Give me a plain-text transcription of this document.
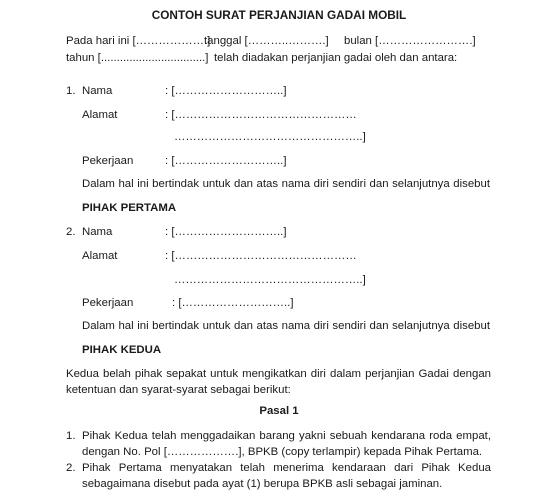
CONTOH SURAT PERJANJIAN GADAI MOBIL
Pada hari ini [……………….]
tanggal [………..……….] bulan […………………….]
tahun [.................................] telah diadakan perjanjian gadai oleh dan antara:
1. Nama	: [………………………..]
Alamat	: […………………………………………
…………………………………………..]
Pekerjaan	: [………………………..]
Dalam hal ini bertindak untuk dan atas nama diri sendiri dan selanjutnya disebut
PIHAK PERTAMA
2. Nama	: [………………………..]
Alamat	: […………………………………………
…………………………………………..]
Pekerjaan	: [………………………..]
Dalam hal ini bertindak untuk dan atas nama diri sendiri dan selanjutnya disebut
PIHAK KEDUA
Kedua belah pihak sepakat untuk mengikatkan diri dalam perjanjian Gadai dengan
ketentuan dan syarat-syarat sebagai berikut:
Pasal 1
1. Pihak Kedua telah menggadaikan barang yakni sebuah kendarana roda empat,
dengan No. Pol [……………….], BPKB (copy terlampir) kepada Pihak Pertama.
2. Pihak Pertama menyatakan telah menerima kendaraan dari Pihak Kedua
sebagaimana disebut pada ayat (1) berupa BPKB asli sebagai jaminan.
